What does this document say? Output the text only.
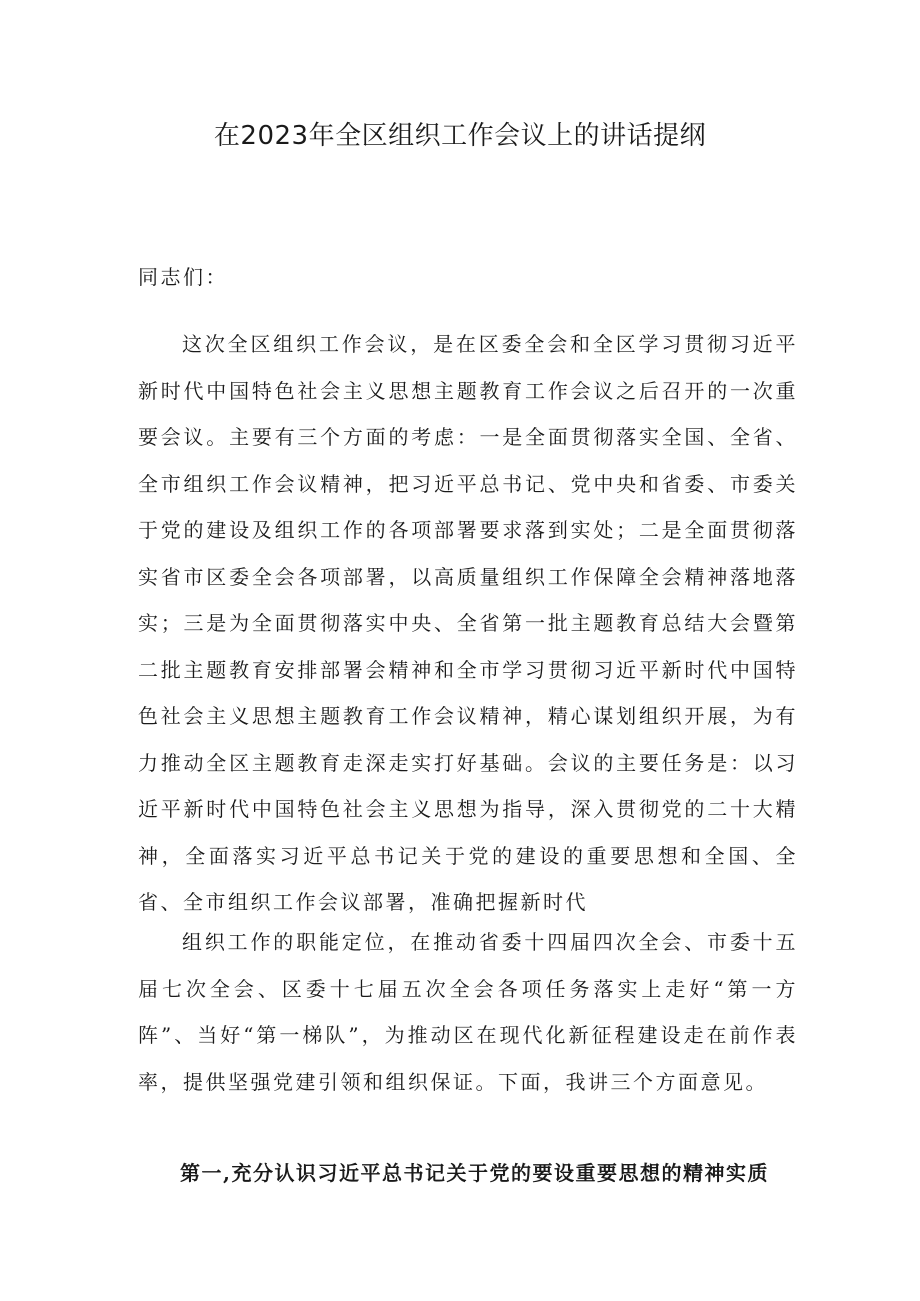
在2023年全区组织工作会议上的讲话提纲

同志们：

这次全区组织工作会议，是在区委全会和全区学习贯彻习近平新时代中国特色社会主义思想主题教育工作会议之后召开的一次重要会议。主要有三个方面的考虑：一是全面贯彻落实全国、全省、全市组织工作会议精神，把习近平总书记、党中央和省委、市委关于党的建设及组织工作的各项部署要求落到实处；二是全面贯彻落实省市区委全会各项部署，以高质量组织工作保障全会精神落地落实；三是为全面贯彻落实中央、全省第一批主题教育总结大会暨第二批主题教育安排部署会精神和全市学习贯彻习近平新时代中国特色社会主义思想主题教育工作会议精神，精心谋划组织开展，为有力推动全区主题教育走深走实打好基础。会议的主要任务是：以习近平新时代中国特色社会主义思想为指导，深入贯彻党的二十大精神，全面落实习近平总书记关于党的建设的重要思想和全国、全省、全市组织工作会议部署，准确把握新时代

组织工作的职能定位，在推动省委十四届四次全会、市委十五届七次全会、区委十七届五次全会各项任务落实上走好“第一方阵”、当好“第一梯队”，为推动区在现代化新征程建设走在前作表率，提供坚强党建引领和组织保证。下面，我讲三个方面意见。

第一,充分认识习近平总书记关于党的要设重要思想的精神实质
